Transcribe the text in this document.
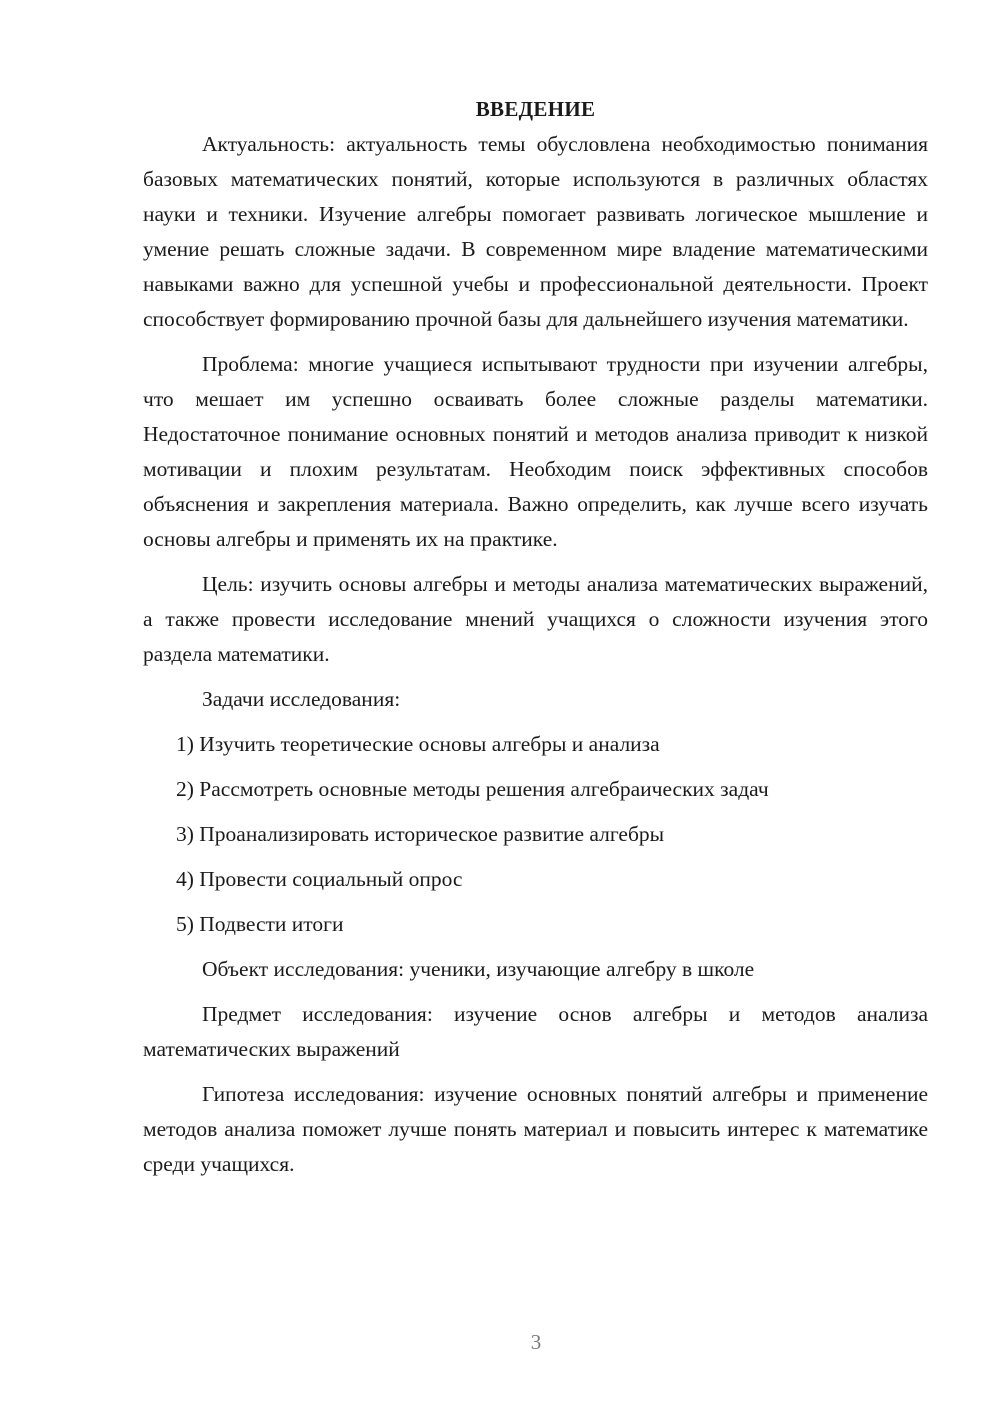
ВВЕДЕНИЕ

Актуальность: актуальность темы обусловлена необходимостью понимания базовых математических понятий, которые используются в различных областях науки и техники. Изучение алгебры помогает развивать логическое мышление и умение решать сложные задачи. В современном мире владение математическими навыками важно для успешной учебы и профессиональной деятельности. Проект способствует формированию прочной базы для дальнейшего изучения математики.

Проблема: многие учащиеся испытывают трудности при изучении алгебры, что мешает им успешно осваивать более сложные разделы математики. Недостаточное понимание основных понятий и методов анализа приводит к низкой мотивации и плохим результатам. Необходим поиск эффективных способов объяснения и закрепления материала. Важно определить, как лучше всего изучать основы алгебры и применять их на практике.

Цель: изучить основы алгебры и методы анализа математических выражений, а также провести исследование мнений учащихся о сложности изучения этого раздела математики.

Задачи исследования:

1) Изучить теоретические основы алгебры и анализа
2) Рассмотреть основные методы решения алгебраических задач
3) Проанализировать историческое развитие алгебры
4) Провести социальный опрос
5) Подвести итоги

Объект исследования: ученики, изучающие алгебру в школе

Предмет исследования: изучение основ алгебры и методов анализа математических выражений

Гипотеза исследования: изучение основных понятий алгебры и применение методов анализа поможет лучше понять материал и повысить интерес к математике среди учащихся.

3
